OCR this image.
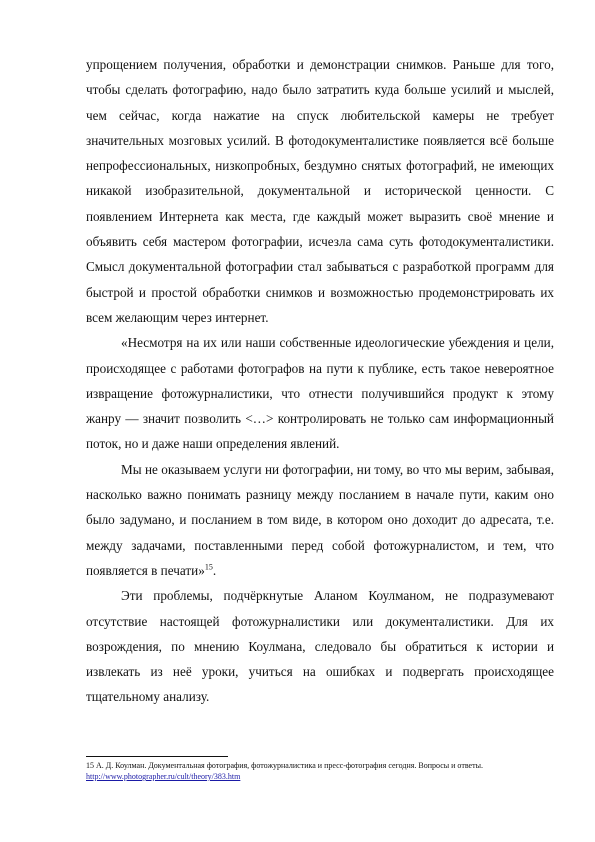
упрощением получения, обработки и демонстрации снимков. Раньше для того, чтобы сделать фотографию, надо было затратить куда больше усилий и мыслей, чем сейчас, когда нажатие на спуск любительской камеры не требует значительных мозговых усилий. В фотодокументалистике появляется всё больше непрофессиональных, низкопробных, бездумно снятых фотографий, не имеющих никакой изобразительной, документальной и исторической ценности. С появлением Интернета как места, где каждый может выразить своё мнение и объявить себя мастером фотографии, исчезла сама суть фотодокументалистики. Смысл документальной фотографии стал забываться с разработкой программ для быстрой и простой обработки снимков и возможностью продемонстрировать их всем желающим через интернет.

«Несмотря на их или наши собственные идеологические убеждения и цели, происходящее с работами фотографов на пути к публике, есть такое невероятное извращение фотожурналистики, что отнести получившийся продукт к этому жанру — значит позволить <…> контролировать не только сам информационный поток, но и даже наши определения явлений.

Мы не оказываем услуги ни фотографии, ни тому, во что мы верим, забывая, насколько важно понимать разницу между посланием в начале пути, каким оно было задумано, и посланием в том виде, в котором оно доходит до адресата, т.е. между задачами, поставленными перед собой фотожурналистом, и тем, что появляется в печати»$^{15}$.

Эти проблемы, подчёркнутые Аланом Коулманом, не подразумевают отсутствие настоящей фотожурналистики или документалистики. Для их возрождения, по мнению Коулмана, следовало бы обратиться к истории и извлекать из неё уроки, учиться на ошибках и подвергать происходящее тщательному анализу.

15 А. Д. Коулман. Документальная фотография, фотожурналистика и пресс-фотография сегодня. Вопросы и ответы. http://www.photographer.ru/cult/theory/383.htm
